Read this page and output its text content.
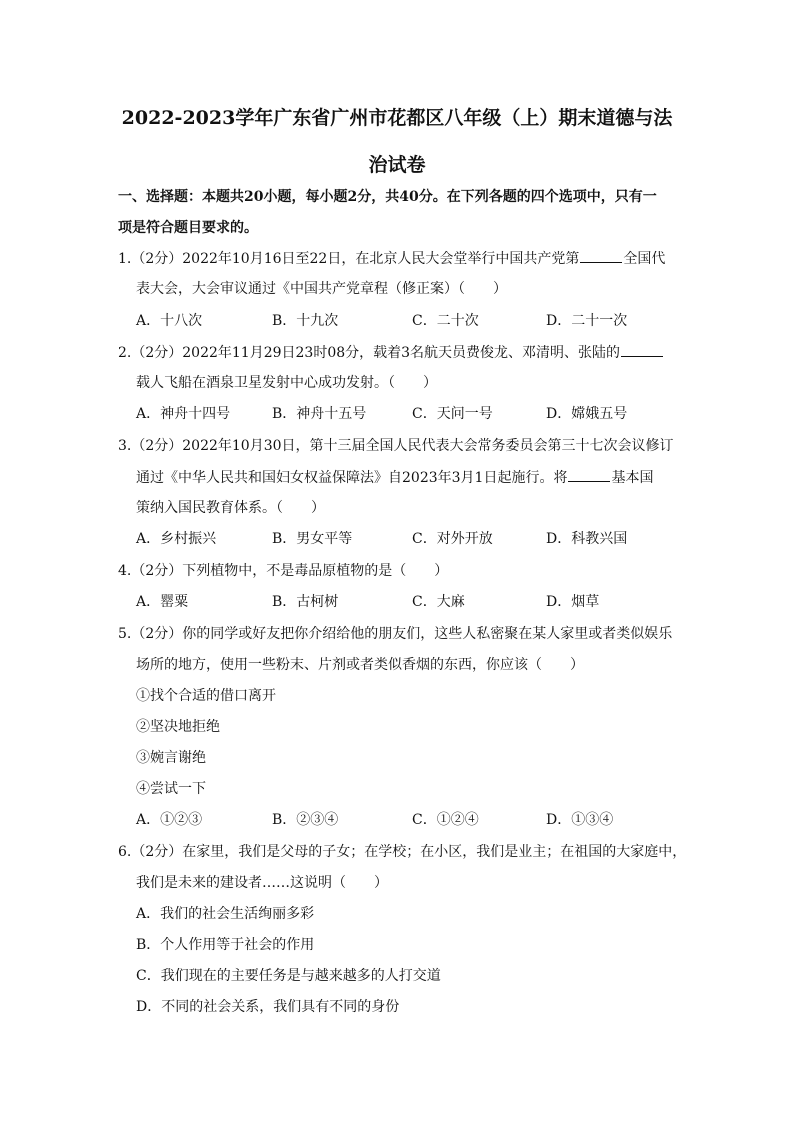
2022-2023学年广东省广州市花都区八年级（上）期末道德与法
治试卷
一、选择题：本题共20小题，每小题2分，共40分。在下列各题的四个选项中，只有一
项是符合题目要求的。
1.（2分）2022年10月16日至22日，在北京人民大会堂举行中国共产党第	全国代
表大会，大会审议通过《中国共产党章程（修正案）（ ）
A．十八次	B．十九次	C．二十次	D．二十一次
2.（2分）2022年11月29日23时08分，载着3名航天员费俊龙、邓清明、张陆的
载人飞船在酒泉卫星发射中心成功发射。（ ）
A．神舟十四号	B．神舟十五号	C．天问一号	D．嫦娥五号
3.（2分）2022年10月30日，第十三届全国人民代表大会常务委员会第三十七次会议修订
通过《中华人民共和国妇女权益保障法》自2023年3月1日起施行。将	基本国
策纳入国民教育体系。（ ）
A．乡村振兴	B．男女平等	C．对外开放	D．科教兴国
4.（2分）下列植物中，不是毒品原植物的是（ ）
A．罂粟	B．古柯树	C．大麻	D．烟草
5.（2分）你的同学或好友把你介绍给他的朋友们，这些人私密聚在某人家里或者类似娱乐
场所的地方，使用一些粉末、片剂或者类似香烟的东西，你应该（ ）
①找个合适的借口离开
②坚决地拒绝
③婉言谢绝
④尝试一下
A．①②③	B．②③④	C．①②④	D．①③④
6.（2分）在家里，我们是父母的子女；在学校；在小区，我们是业主；在祖国的大家庭中，
我们是未来的建设者……这说明（ ）
A．我们的社会生活绚丽多彩
B．个人作用等于社会的作用
C．我们现在的主要任务是与越来越多的人打交道
D．不同的社会关系，我们具有不同的身份
